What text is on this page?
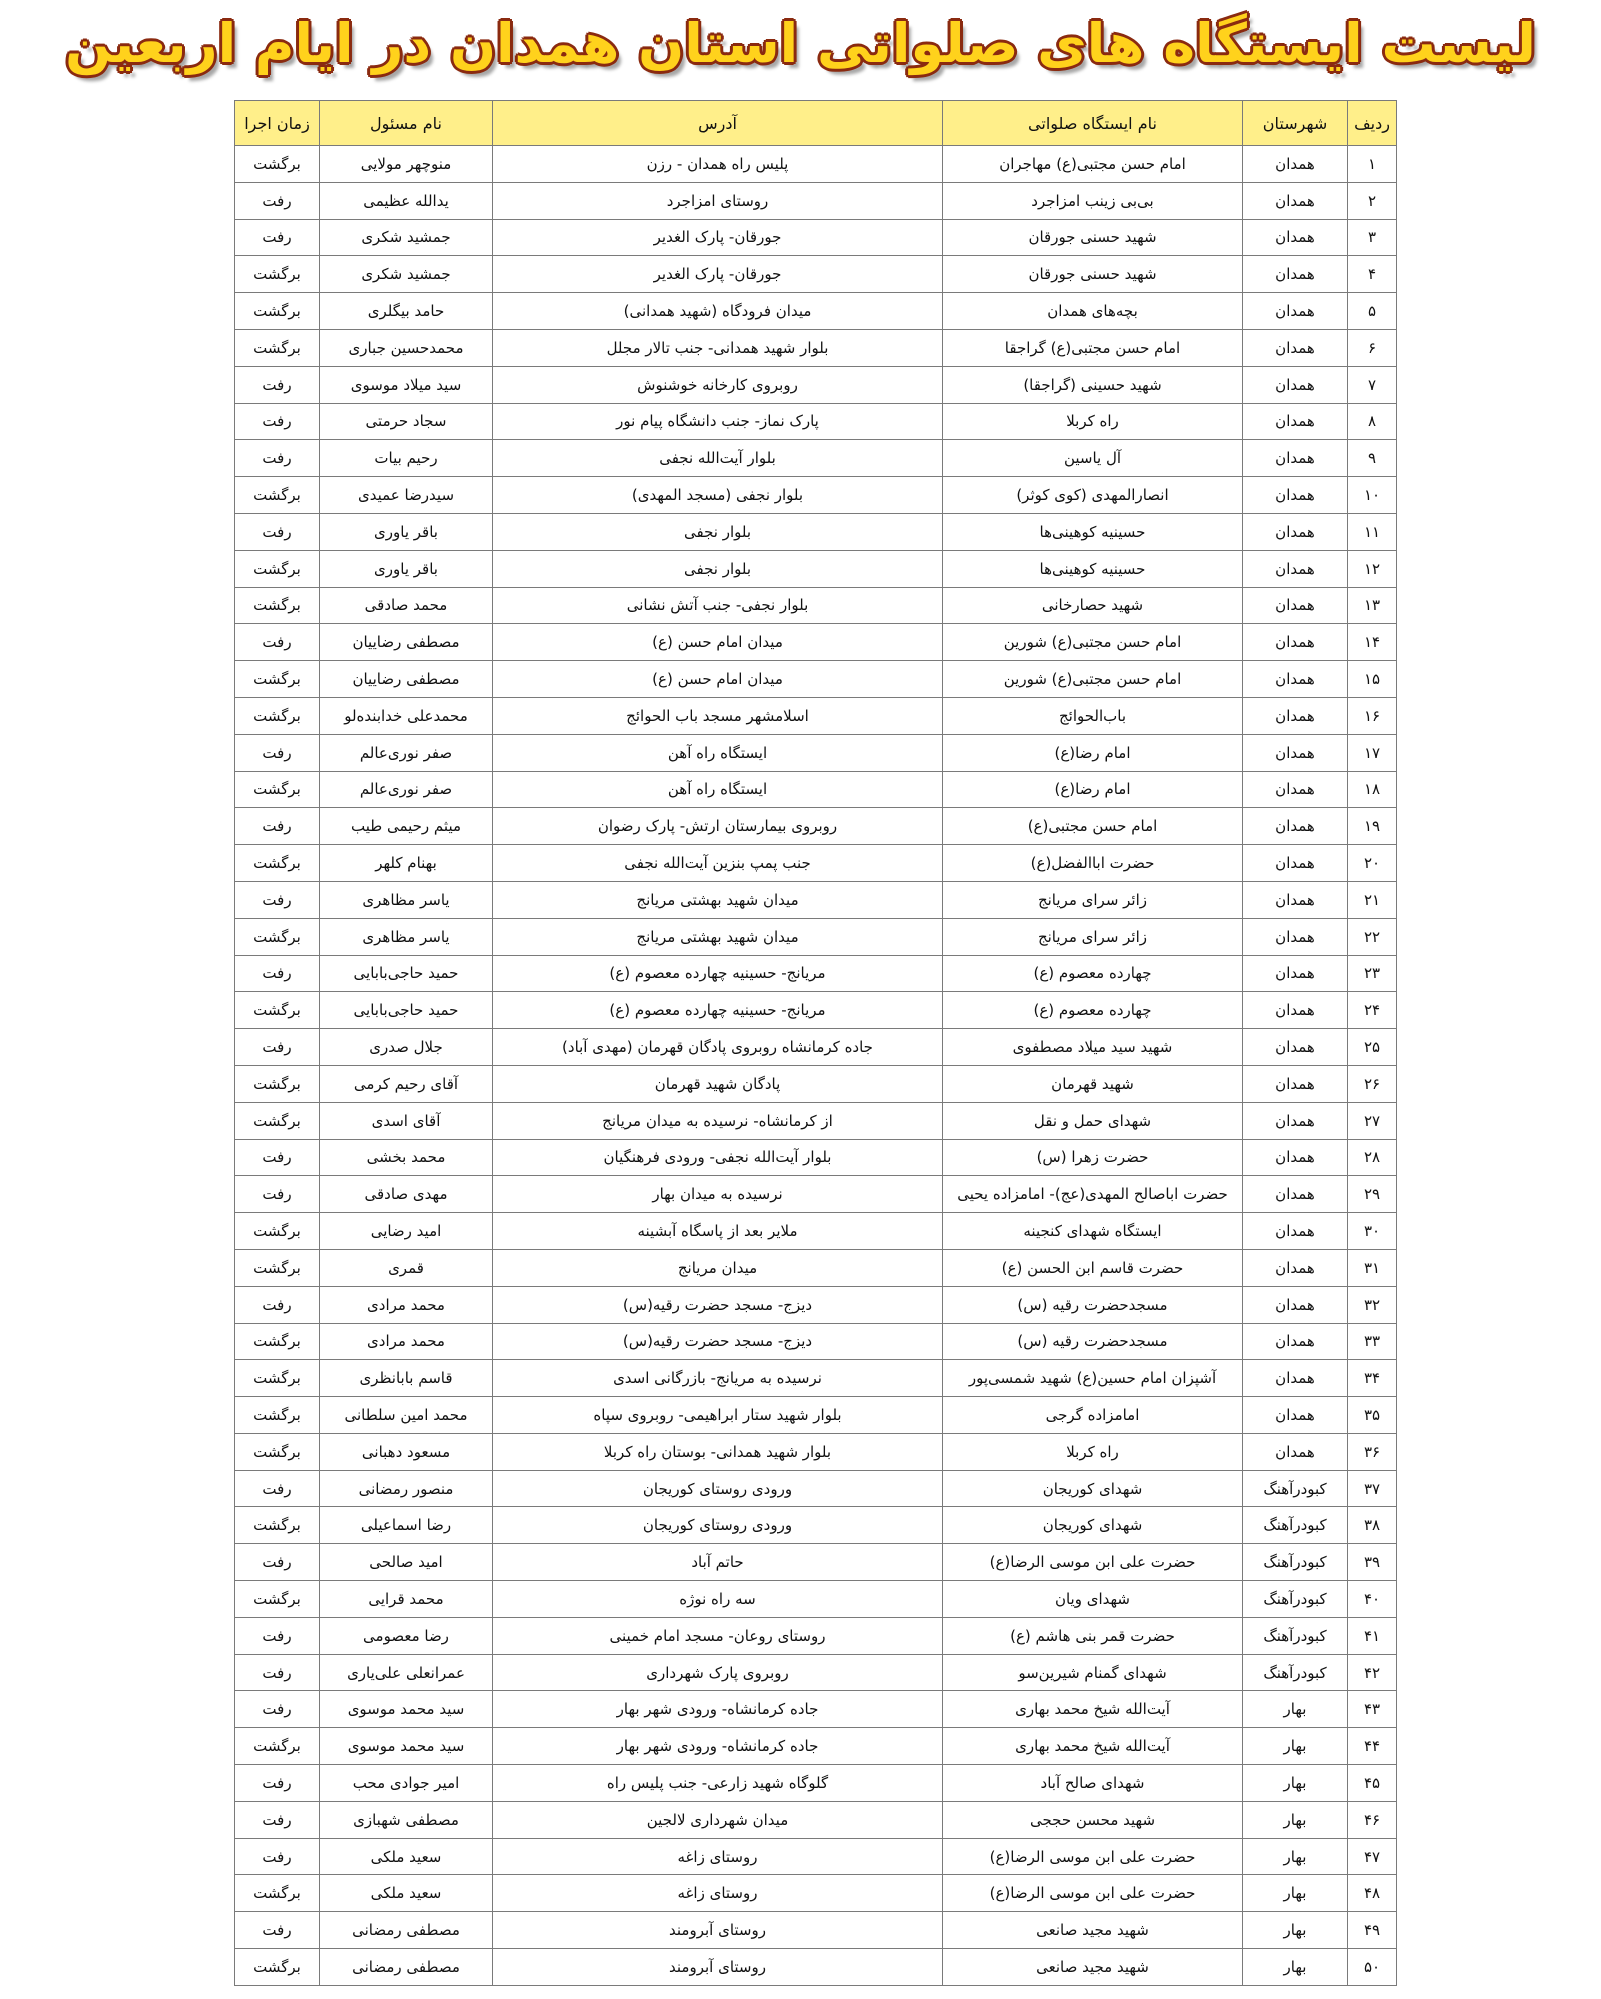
لیست ایستگاه های صلواتی استان همدان در ایام اربعین
ردیف	شهرستان	نام ایستگاه صلواتی	آدرس	نام مسئول	زمان اجرا
۱	همدان	امام حسن مجتبی(ع) مهاجران	پلیس راه همدان - رزن	منوچهر مولایی	برگشت
۲	همدان	بی‌بی زینب امزاجرد	روستای امزاجرد	یدالله عظیمی	رفت
۳	همدان	شهید حسنی جورقان	جورقان- پارک الغدیر	جمشید شکری	رفت
۴	همدان	شهید حسنی جورقان	جورقان- پارک الغدیر	جمشید شکری	برگشت
۵	همدان	بچه‌های همدان	میدان فرودگاه (شهید همدانی)	حامد بیگلری	برگشت
۶	همدان	امام حسن مجتبی(ع) گراجقا	بلوار شهید همدانی- جنب تالار مجلل	محمدحسین جباری	برگشت
۷	همدان	شهید حسینی (گراجقا)	روبروی کارخانه خوشنوش	سید میلاد موسوی	رفت
۸	همدان	راه کربلا	پارک نماز- جنب دانشگاه پیام نور	سجاد حرمتی	رفت
۹	همدان	آل یاسین	بلوار آیت‌الله نجفی	رحیم بیات	رفت
۱۰	همدان	انصارالمهدی (کوی کوثر)	بلوار نجفی (مسجد المهدی)	سیدرضا عمیدی	برگشت
۱۱	همدان	حسینیه کوهینی‌ها	بلوار نجفی	باقر یاوری	رفت
۱۲	همدان	حسینیه کوهینی‌ها	بلوار نجفی	باقر یاوری	برگشت
۱۳	همدان	شهید حصارخانی	بلوار نجفی- جنب آتش نشانی	محمد صادقی	برگشت
۱۴	همدان	امام حسن مجتبی(ع) شورین	میدان امام حسن (ع)	مصطفی رضاییان	رفت
۱۵	همدان	امام حسن مجتبی(ع) شورین	میدان امام حسن (ع)	مصطفی رضاییان	برگشت
۱۶	همدان	باب‌الحوائج	اسلامشهر مسجد باب الحوائج	محمدعلی خدابنده‌لو	برگشت
۱۷	همدان	امام رضا(ع)	ایستگاه راه آهن	صفر نوری‌عالم	رفت
۱۸	همدان	امام رضا(ع)	ایستگاه راه آهن	صفر نوری‌عالم	برگشت
۱۹	همدان	امام حسن مجتبی(ع)	روبروی بیمارستان ارتش- پارک رضوان	میثم رحیمی طیب	رفت
۲۰	همدان	حضرت اباالفضل(ع)	جنب پمپ بنزین آیت‌الله نجفی	بهنام کلهر	برگشت
۲۱	همدان	زائر سرای مریانج	میدان شهید بهشتی مریانج	یاسر مظاهری	رفت
۲۲	همدان	زائر سرای مریانج	میدان شهید بهشتی مریانج	یاسر مظاهری	برگشت
۲۳	همدان	چهارده معصوم (ع)	مریانج- حسینیه چهارده معصوم (ع)	حمید حاجی‌بابایی	رفت
۲۴	همدان	چهارده معصوم (ع)	مریانج- حسینیه چهارده معصوم (ع)	حمید حاجی‌بابایی	برگشت
۲۵	همدان	شهید سید میلاد مصطفوی	جاده کرمانشاه روبروی پادگان قهرمان (مهدی آباد)	جلال صدری	رفت
۲۶	همدان	شهید قهرمان	پادگان شهید قهرمان	آقای رحیم کرمی	برگشت
۲۷	همدان	شهدای حمل و نقل	از کرمانشاه- نرسیده به میدان مریانج	آقای اسدی	برگشت
۲۸	همدان	حضرت زهرا (س)	بلوار آیت‌الله نجفی- ورودی فرهنگیان	محمد بخشی	رفت
۲۹	همدان	حضرت اباصالح المهدی(عج)- امامزاده یحیی	نرسیده به میدان بهار	مهدی صادقی	رفت
۳۰	همدان	ایستگاه شهدای کنجینه	ملایر بعد از پاسگاه آبشینه	امید رضایی	برگشت
۳۱	همدان	حضرت قاسم ابن الحسن (ع)	میدان مریانج	قمری	برگشت
۳۲	همدان	مسجدحضرت رقیه (س)	دیزج- مسجد حضرت رقیه(س)	محمد مرادی	رفت
۳۳	همدان	مسجدحضرت رقیه (س)	دیزج- مسجد حضرت رقیه(س)	محمد مرادی	برگشت
۳۴	همدان	آشپزان امام حسین(ع) شهید شمسی‌پور	نرسیده به مریانج- بازرگانی اسدی	قاسم بابانظری	برگشت
۳۵	همدان	امامزاده گرجی	بلوار شهید ستار ابراهیمی- روبروی سپاه	محمد امین سلطانی	برگشت
۳۶	همدان	راه کربلا	بلوار شهید همدانی- بوستان راه کربلا	مسعود دهبانی	برگشت
۳۷	کبودرآهنگ	شهدای کوریجان	ورودی روستای کوریجان	منصور رمضانی	رفت
۳۸	کبودرآهنگ	شهدای کوریجان	ورودی روستای کوریجان	رضا اسماعیلی	برگشت
۳۹	کبودرآهنگ	حضرت علی ابن موسی الرضا(ع)	حاتم آباد	امید صالحی	رفت
۴۰	کبودرآهنگ	شهدای ویان	سه راه نوژه	محمد قرایی	برگشت
۴۱	کبودرآهنگ	حضرت قمر بنی هاشم (ع)	روستای روعان- مسجد امام خمینی	رضا معصومی	رفت
۴۲	کبودرآهنگ	شهدای گمنام شیرین‌سو	روبروی پارک شهرداری	عمرانعلی علی‌یاری	رفت
۴۳	بهار	آیت‌الله شیخ محمد بهاری	جاده کرمانشاه- ورودی شهر بهار	سید محمد موسوی	رفت
۴۴	بهار	آیت‌الله شیخ محمد بهاری	جاده کرمانشاه- ورودی شهر بهار	سید محمد موسوی	برگشت
۴۵	بهار	شهدای صالح آباد	گلوگاه شهید زارعی- جنب پلیس راه	امیر جوادی محب	رفت
۴۶	بهار	شهید محسن حججی	میدان شهرداری لالجین	مصطفی شهبازی	رفت
۴۷	بهار	حضرت علی ابن موسی الرضا(ع)	روستای زاغه	سعید ملکی	رفت
۴۸	بهار	حضرت علی ابن موسی الرضا(ع)	روستای زاغه	سعید ملکی	برگشت
۴۹	بهار	شهید مجید صانعی	روستای آبرومند	مصطفی رمضانی	رفت
۵۰	بهار	شهید مجید صانعی	روستای آبرومند	مصطفی رمضانی	برگشت
